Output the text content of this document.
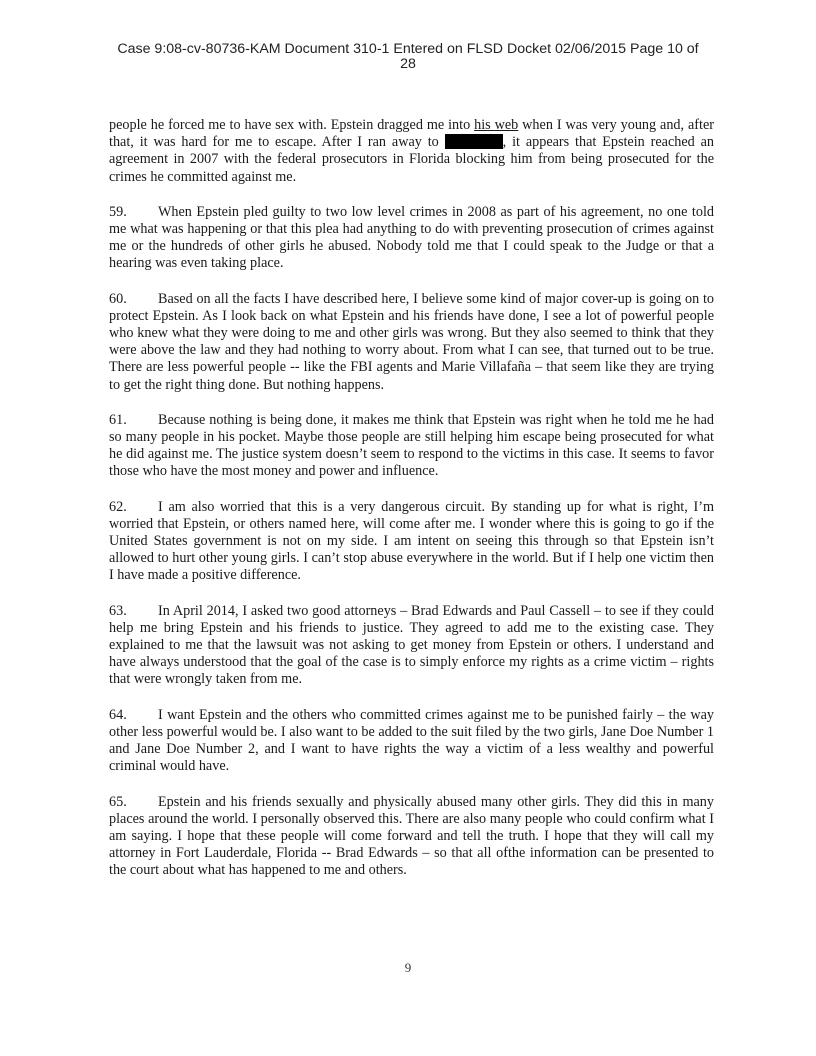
Case 9:08-cv-80736-KAM Document 310-1 Entered on FLSD Docket 02/06/2015 Page 10 of
28

people he forced me to have sex with. Epstein dragged me into his web when I was very young and, after that, it was hard for me to escape. After I ran away to	, it appears that Epstein reached an agreement in 2007 with the federal prosecutors in Florida blocking him from being prosecuted for the crimes he committed against me.

59. When Epstein pled guilty to two low level crimes in 2008 as part of his agreement, no one told me what was happening or that this plea had anything to do with preventing prosecution of crimes against me or the hundreds of other girls he abused. Nobody told me that I could speak to the Judge or that a hearing was even taking place.

60. Based on all the facts I have described here, I believe some kind of major cover-up is going on to protect Epstein. As I look back on what Epstein and his friends have done, I see a lot of powerful people who knew what they were doing to me and other girls was wrong. But they also seemed to think that they were above the law and they had nothing to worry about. From what I can see, that turned out to be true. There are less powerful people -- like the FBI agents and Marie Villafaña – that seem like they are trying to get the right thing done. But nothing happens.

61. Because nothing is being done, it makes me think that Epstein was right when he told me he had so many people in his pocket. Maybe those people are still helping him escape being prosecuted for what he did against me. The justice system doesn’t seem to respond to the victims in this case. It seems to favor those who have the most money and power and influence.

62. I am also worried that this is a very dangerous circuit. By standing up for what is right, I’m worried that Epstein, or others named here, will come after me. I wonder where this is going to go if the United States government is not on my side. I am intent on seeing this through so that Epstein isn’t allowed to hurt other young girls. I can’t stop abuse everywhere in the world. But if I help one victim then I have made a positive difference.

63. In April 2014, I asked two good attorneys – Brad Edwards and Paul Cassell – to see if they could help me bring Epstein and his friends to justice. They agreed to add me to the existing case. They explained to me that the lawsuit was not asking to get money from Epstein or others. I understand and have always understood that the goal of the case is to simply enforce my rights as a crime victim – rights that were wrongly taken from me.

64. I want Epstein and the others who committed crimes against me to be punished fairly – the way other less powerful would be. I also want to be added to the suit filed by the two girls, Jane Doe Number 1 and Jane Doe Number 2, and I want to have rights the way a victim of a less wealthy and powerful criminal would have.

65. Epstein and his friends sexually and physically abused many other girls. They did this in many places around the world. I personally observed this. There are also many people who could confirm what I am saying. I hope that these people will come forward and tell the truth. I hope that they will call my attorney in Fort Lauderdale, Florida -- Brad Edwards – so that all ofthe information can be presented to the court about what has happened to me and others.

9
